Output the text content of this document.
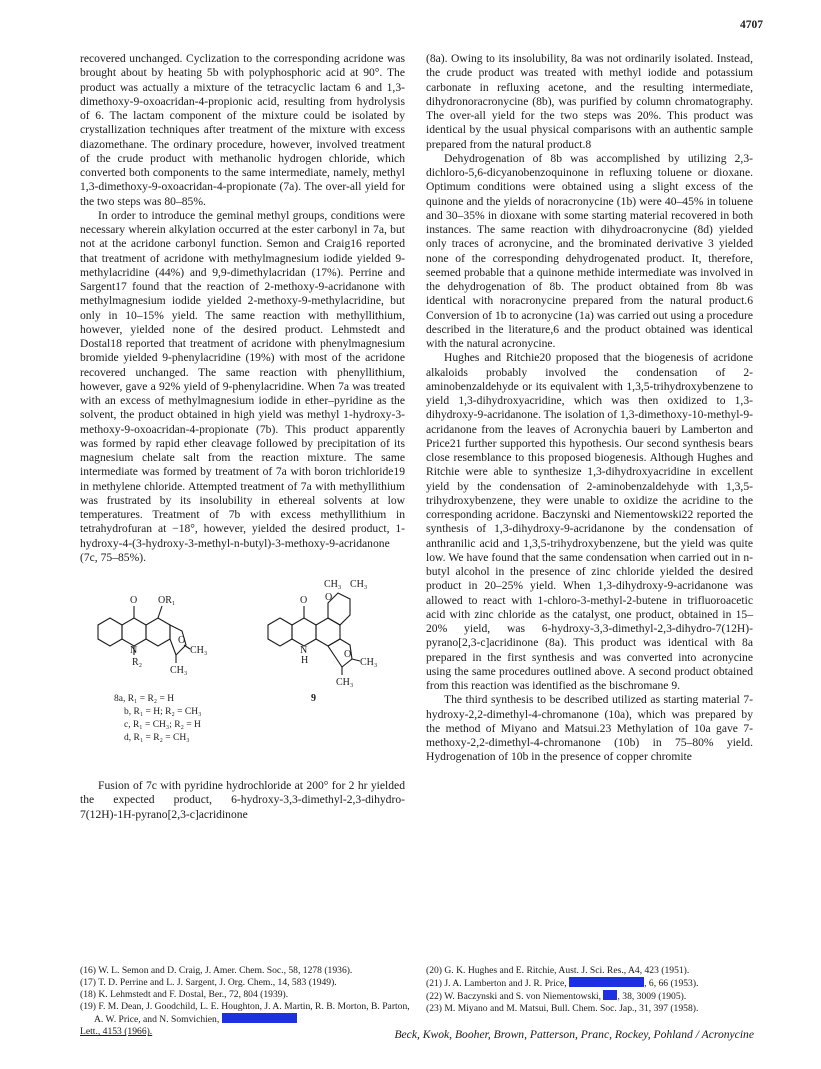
4707

recovered unchanged. Cyclization to the corresponding acridone was brought about by heating 5b with polyphosphoric acid at 90°. The product was actually a mixture of the tetracyclic lactam 6 and 1,3-dimethoxy-9-oxoacridan-4-propionic acid, resulting from hydrolysis of 6. The lactam component of the mixture could be isolated by crystallization techniques after treatment of the mixture with excess diazomethane. The ordinary procedure, however, involved treatment of the crude product with methanolic hydrogen chloride, which converted both components to the same intermediate, namely, methyl 1,3-dimethoxy-9-oxoacridan-4-propionate (7a). The over-all yield for the two steps was 80–85%.

In order to introduce the geminal methyl groups, conditions were necessary wherein alkylation occurred at the ester carbonyl in 7a, but not at the acridone carbonyl function. Semon and Craig16 reported that treatment of acridone with methylmagnesium iodide yielded 9-methylacridine (44%) and 9,9-dimethylacridan (17%). Perrine and Sargent17 found that the reaction of 2-methoxy-9-acridanone with methylmagnesium iodide yielded 2-methoxy-9-methylacridine, but only in 10–15% yield. The same reaction with methyllithium, however, yielded none of the desired product. Lehmstedt and Dostal18 reported that treatment of acridone with phenylmagnesium bromide yielded 9-phenylacridine (19%) with most of the acridone recovered unchanged. The same reaction with phenyllithium, however, gave a 92% yield of 9-phenylacridine. When 7a was treated with an excess of methylmagnesium iodide in ether–pyridine as the solvent, the product obtained in high yield was methyl 1-hydroxy-3-methoxy-9-oxoacridan-4-propionate (7b). This product apparently was formed by rapid ether cleavage followed by precipitation of its magnesium chelate salt from the reaction mixture. The same intermediate was formed by treatment of 7a with boron trichloride19 in methylene chloride. Attempted treatment of 7a with methyllithium was frustrated by its insolubility in ethereal solvents at low temperatures. Treatment of 7b with excess methyllithium in tetrahydrofuran at −18°, however, yielded the desired product, 1-hydroxy-4-(3-hydroxy-3-methyl-n-butyl)-3-methoxy-9-acridanone (7c, 75–85%).

O OR₁
N
R₂
O
CH₃
CH₃
O O
CH₃ CH₃
N
H
O
CH₃
CH₃
9
8a, R₁ = R₂ = H
b, R₁ = H; R₂ = CH₃
c, R₁ = CH₃; R₂ = H
d, R₁ = R₂ = CH₃

Fusion of 7c with pyridine hydrochloride at 200° for 2 hr yielded the expected product, 6-hydroxy-3,3-dimethyl-2,3-dihydro-7(12H)-1H-pyrano[2,3-c]acridinone

(8a). Owing to its insolubility, 8a was not ordinarily isolated. Instead, the crude product was treated with methyl iodide and potassium carbonate in refluxing acetone, and the resulting intermediate, dihydronoracronycine (8b), was purified by column chromatography. The over-all yield for the two steps was 20%. This product was identical by the usual physical comparisons with an authentic sample prepared from the natural product.8

Dehydrogenation of 8b was accomplished by utilizing 2,3-dichloro-5,6-dicyanobenzoquinone in refluxing toluene or dioxane. Optimum conditions were obtained using a slight excess of the quinone and the yields of noracronycine (1b) were 40–45% in toluene and 30–35% in dioxane with some starting material recovered in both instances. The same reaction with dihydroacronycine (8d) yielded only traces of acronycine, and the brominated derivative 3 yielded none of the corresponding dehydrogenated product. It, therefore, seemed probable that a quinone methide intermediate was involved in the dehydrogenation of 8b. The product obtained from 8b was identical with noracronycine prepared from the natural product.6 Conversion of 1b to acronycine (1a) was carried out using a procedure described in the literature,6 and the product obtained was identical with the natural acronycine.

Hughes and Ritchie20 proposed that the biogenesis of acridone alkaloids probably involved the condensation of 2-aminobenzaldehyde or its equivalent with 1,3,5-trihydroxybenzene to yield 1,3-dihydroxyacridine, which was then oxidized to 1,3-dihydroxy-9-acridanone. The isolation of 1,3-dimethoxy-10-methyl-9-acridanone from the leaves of Acronychia baueri by Lamberton and Price21 further supported this hypothesis. Our second synthesis bears close resemblance to this proposed biogenesis. Although Hughes and Ritchie were able to synthesize 1,3-dihydroxyacridine in excellent yield by the condensation of 2-aminobenzaldehyde with 1,3,5-trihydroxybenzene, they were unable to oxidize the acridine to the corresponding acridone. Baczynski and Niementowski22 reported the synthesis of 1,3-dihydroxy-9-acridanone by the condensation of anthranilic acid and 1,3,5-trihydroxybenzene, but the yield was quite low. We have found that the same condensation when carried out in n-butyl alcohol in the presence of zinc chloride yielded the desired product in 20–25% yield. When 1,3-dihydroxy-9-acridanone was allowed to react with 1-chloro-3-methyl-2-butene in trifluoroacetic acid with zinc chloride as the catalyst, one product, obtained in 15–20% yield, was 6-hydroxy-3,3-dimethyl-2,3-dihydro-7(12H)-pyrano[2,3-c]acridinone (8a). This product was identical with 8a prepared in the first synthesis and was converted into acronycine using the same procedures outlined above. A second product obtained from this reaction was identified as the bischromane 9.

The third synthesis to be described utilized as starting material 7-hydroxy-2,2-dimethyl-4-chromanone (10a), which was prepared by the method of Miyano and Matsui.23 Methylation of 10a gave 7-methoxy-2,2-dimethyl-4-chromanone (10b) in 75–80% yield. Hydrogenation of 10b in the presence of copper chromite

(16) W. L. Semon and D. Craig, J. Amer. Chem. Soc., 58, 1278 (1936).

(17) T. D. Perrine and L. J. Sargent, J. Org. Chem., 14, 583 (1949).

(18) K. Lehmstedt and F. Dostal, Ber., 72, 804 (1939).

(19) F. M. Dean, J. Goodchild, L. E. Houghton, J. A. Martin, R. B. Morton, B. Parton, A. W. Price, and N. Somvichien,

Lett., 4153 (1966).

(20) G. K. Hughes and E. Ritchie, Aust. J. Sci. Res., A4, 423 (1951).

(21) J. A. Lamberton and J. R. Price,	, 6, 66 (1953).

(22) W. Baczynski and S. von Niementowski, , 38, 3009 (1905).

(23) M. Miyano and M. Matsui, Bull. Chem. Soc. Jap., 31, 397 (1958).

Beck, Kwok, Booher, Brown, Patterson, Pranc, Rockey, Pohland / Acronycine
